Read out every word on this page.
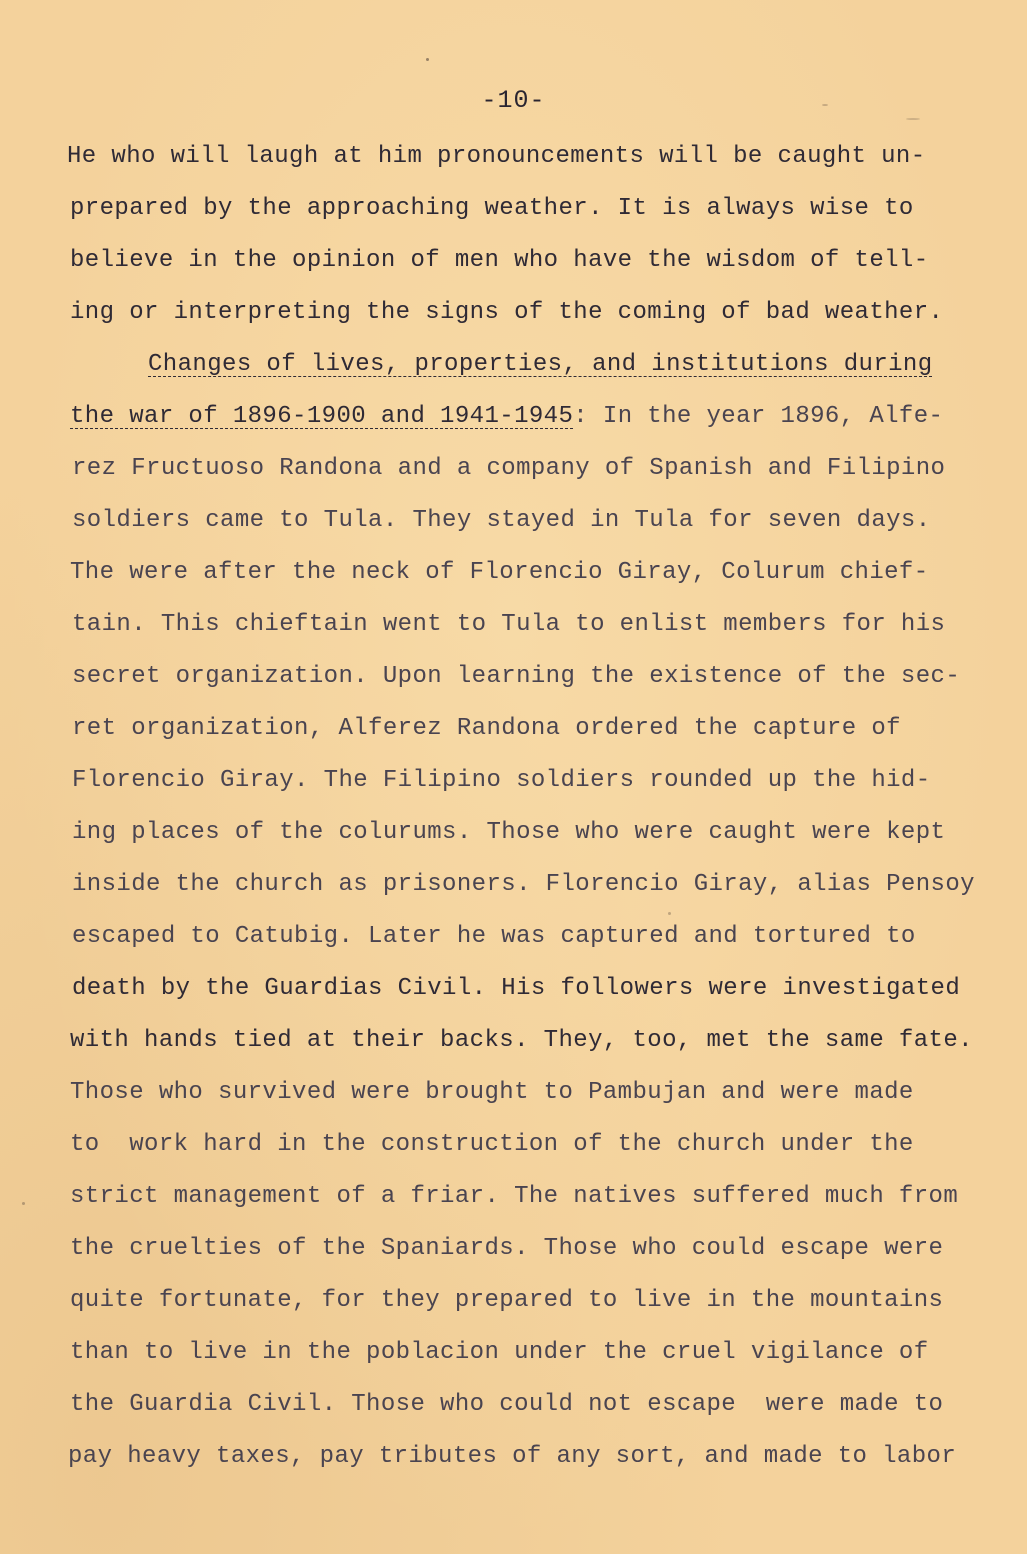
-10-
He who will laugh at him pronouncements will be caught un-
prepared by the approaching weather. It is always wise to
believe in the opinion of men who have the wisdom of tell-
ing or interpreting the signs of the coming of bad weather.
Changes of lives, properties, and institutions during
the war of 1896-1900 and 1941-1945: In the year 1896, Alfe-
rez Fructuoso Randona and a company of Spanish and Filipino
soldiers came to Tula. They stayed in Tula for seven days.
The were after the neck of Florencio Giray, Colurum chief-
tain. This chieftain went to Tula to enlist members for his
secret organization. Upon learning the existence of the sec-
ret organization, Alferez Randona ordered the capture of
Florencio Giray. The Filipino soldiers rounded up the hid-
ing places of the colurums. Those who were caught were kept
inside the church as prisoners. Florencio Giray, alias Pensoy
escaped to Catubig. Later he was captured and tortured to
death by the Guardias Civil. His followers were investigated
with hands tied at their backs. They, too, met the same fate.
Those who survived were brought to Pambujan and were made
to  work hard in the construction of the church under the
strict management of a friar. The natives suffered much from
the cruelties of the Spaniards. Those who could escape were
quite fortunate, for they prepared to live in the mountains
than to live in the poblacion under the cruel vigilance of
the Guardia Civil. Those who could not escape  were made to
pay heavy taxes, pay tributes of any sort, and made to labor
